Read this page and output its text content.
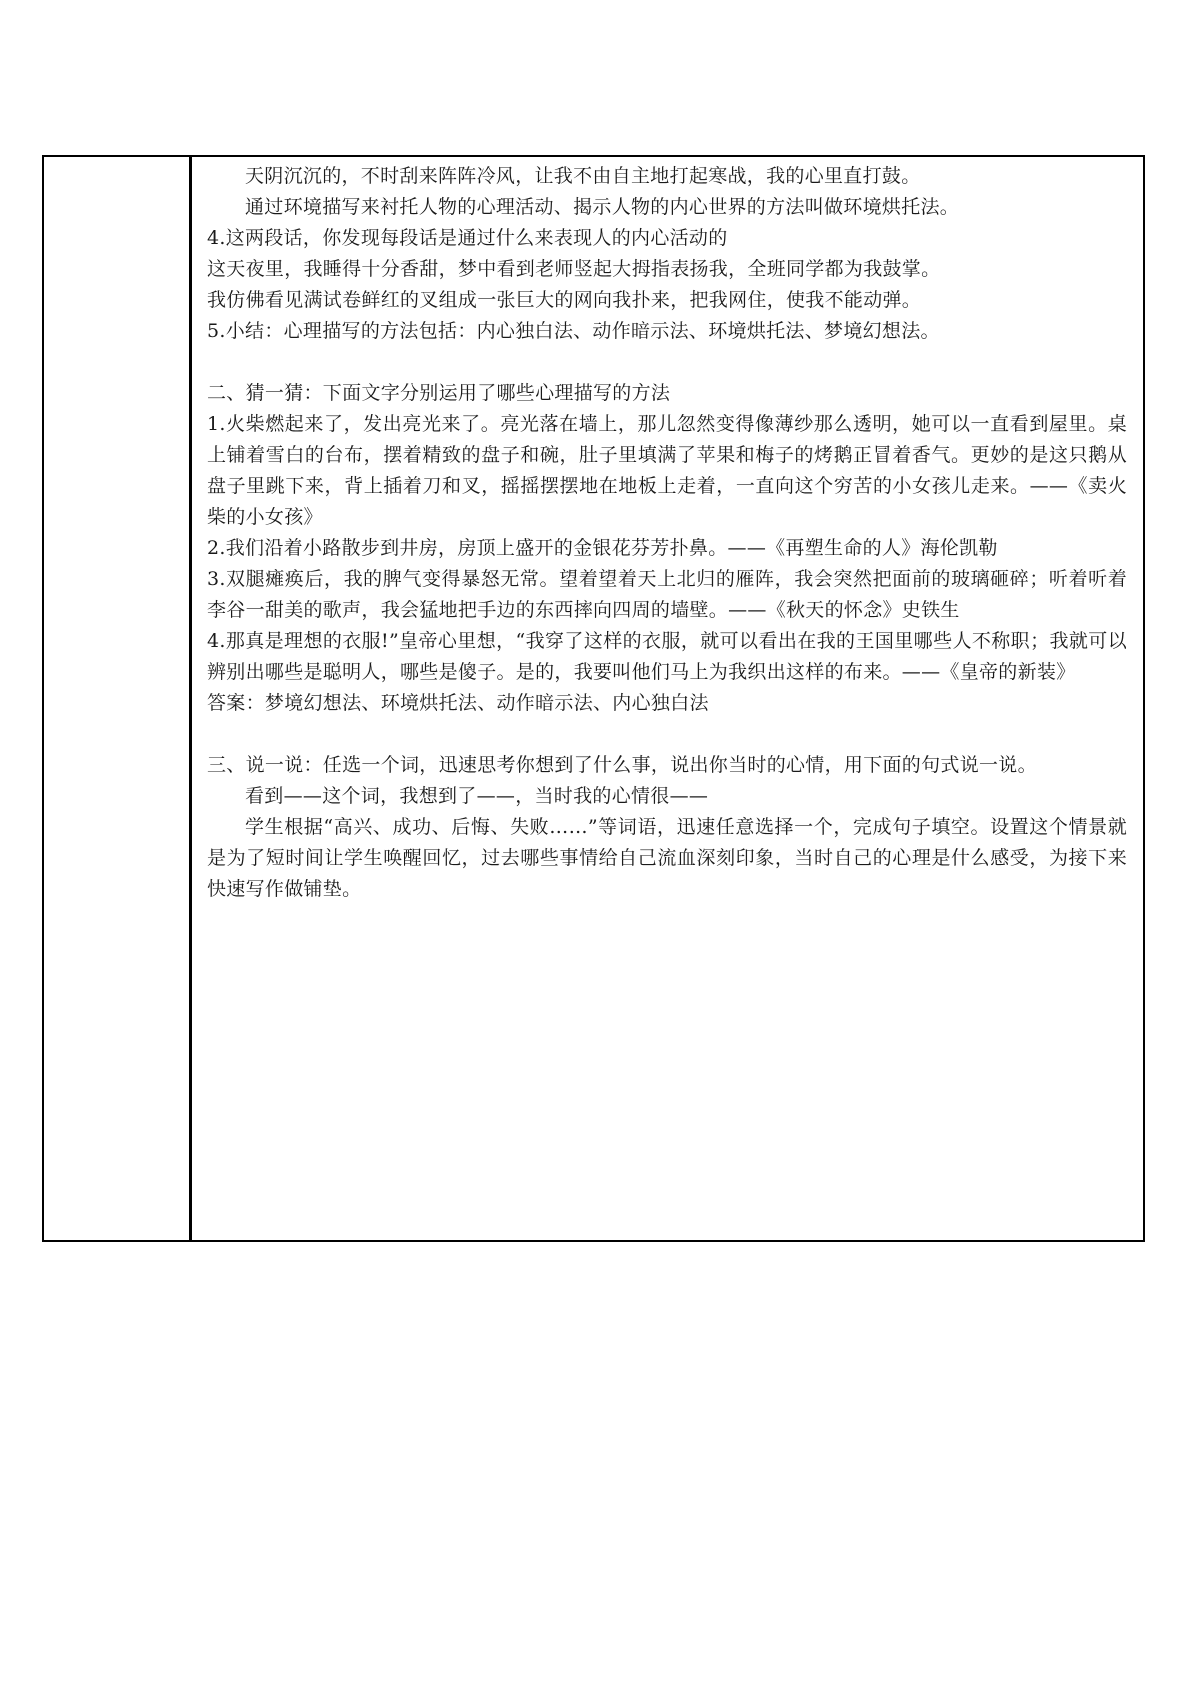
天阴沉沉的，不时刮来阵阵冷风，让我不由自主地打起寒战，我的心里直打鼓。
通过环境描写来衬托人物的心理活动、揭示人物的内心世界的方法叫做环境烘托法。
4.这两段话，你发现每段话是通过什么来表现人的内心活动的
这天夜里，我睡得十分香甜，梦中看到老师竖起大拇指表扬我，全班同学都为我鼓掌。
我仿佛看见满试卷鲜红的叉组成一张巨大的网向我扑来，把我网住，使我不能动弹。
5.小结：心理描写的方法包括：内心独白法、动作暗示法、环境烘托法、梦境幻想法。
二、猜一猜：下面文字分别运用了哪些心理描写的方法
1.火柴燃起来了，发出亮光来了。亮光落在墙上，那儿忽然变得像薄纱那么透明，她可以一直看到屋里。桌上铺着雪白的台布，摆着精致的盘子和碗，肚子里填满了苹果和梅子的烤鹅正冒着香气。更妙的是这只鹅从盘子里跳下来，背上插着刀和叉，摇摇摆摆地在地板上走着，一直向这个穷苦的小女孩儿走来。——《卖火柴的小女孩》
2.我们沿着小路散步到井房，房顶上盛开的金银花芬芳扑鼻。——《再塑生命的人》海伦凯勒
3.双腿瘫痪后，我的脾气变得暴怒无常。望着望着天上北归的雁阵，我会突然把面前的玻璃砸碎；听着听着李谷一甜美的歌声，我会猛地把手边的东西摔向四周的墙壁。——《秋天的怀念》史铁生
4.那真是理想的衣服!”皇帝心里想，“我穿了这样的衣服，就可以看出在我的王国里哪些人不称职；我就可以辨别出哪些是聪明人，哪些是傻子。是的，我要叫他们马上为我织出这样的布来。——《皇帝的新装》
答案：梦境幻想法、环境烘托法、动作暗示法、内心独白法
三、说一说：任选一个词，迅速思考你想到了什么事，说出你当时的心情，用下面的句式说一说。
看到——这个词，我想到了——，当时我的心情很——
学生根据“高兴、成功、后悔、失败……”等词语，迅速任意选择一个，完成句子填空。设置这个情景就是为了短时间让学生唤醒回忆，过去哪些事情给自己流血深刻印象，当时自己的心理是什么感受，为接下来快速写作做铺垫。
